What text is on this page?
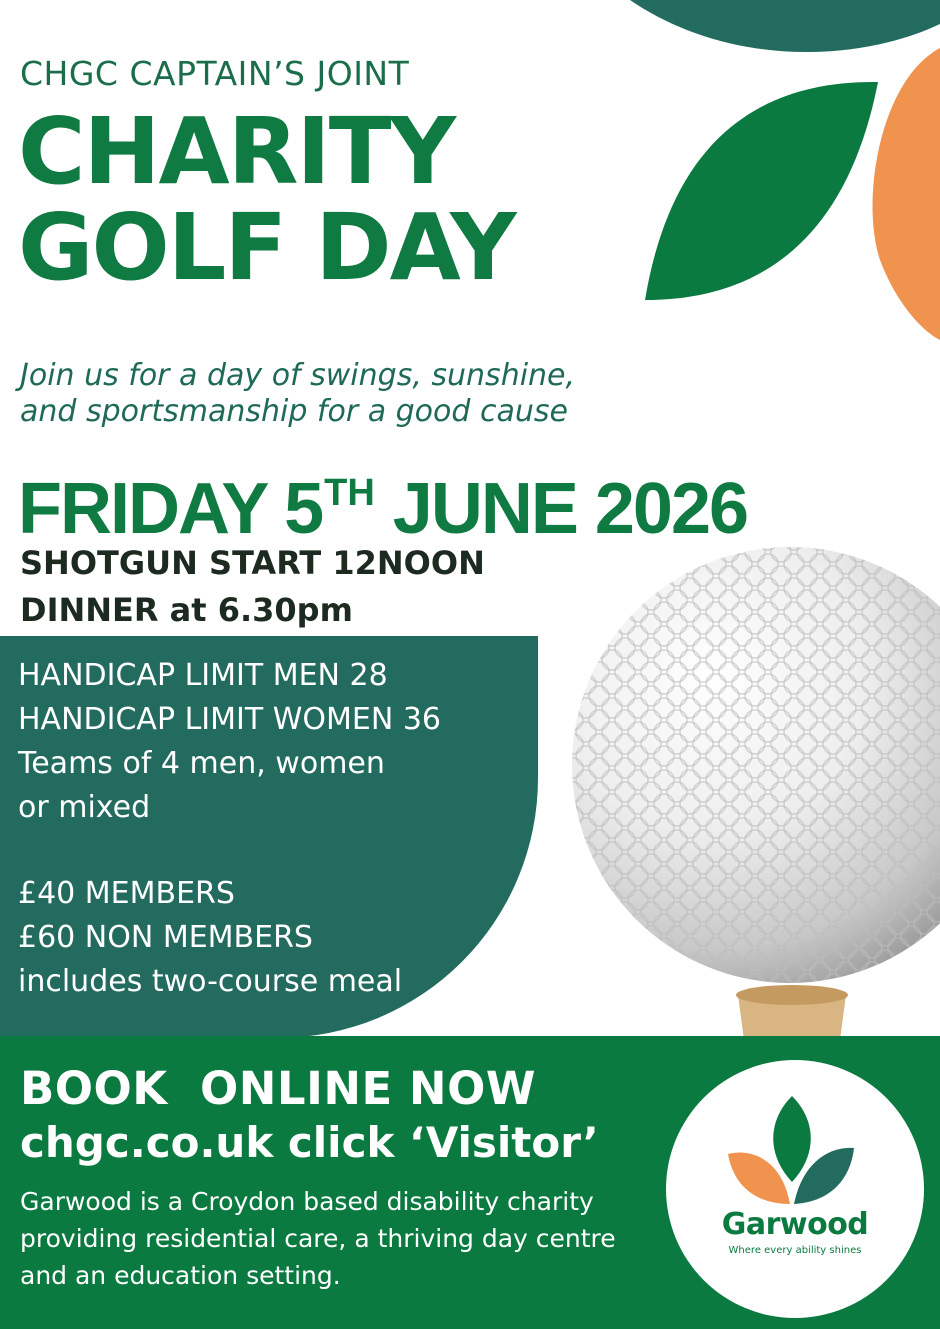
CHGC CAPTAIN’S JOINT
CHARITY
GOLF DAY
Join us for a day of swings, sunshine,
and sportsmanship for a good cause
FRIDAY 5TH JUNE 2026
SHOTGUN START 12NOON
DINNER at 6.30pm
HANDICAP LIMIT MEN 28
HANDICAP LIMIT WOMEN 36
Teams of 4 men, women
or mixed
£40 MEMBERS
£60 NON MEMBERS
includes two-course meal
BOOK  ONLINE NOW
chgc.co.uk click ‘Visitor’
Garwood is a Croydon based disability charity
providing residential care, a thriving day centre
and an education setting.
Garwood
Where every ability shines
